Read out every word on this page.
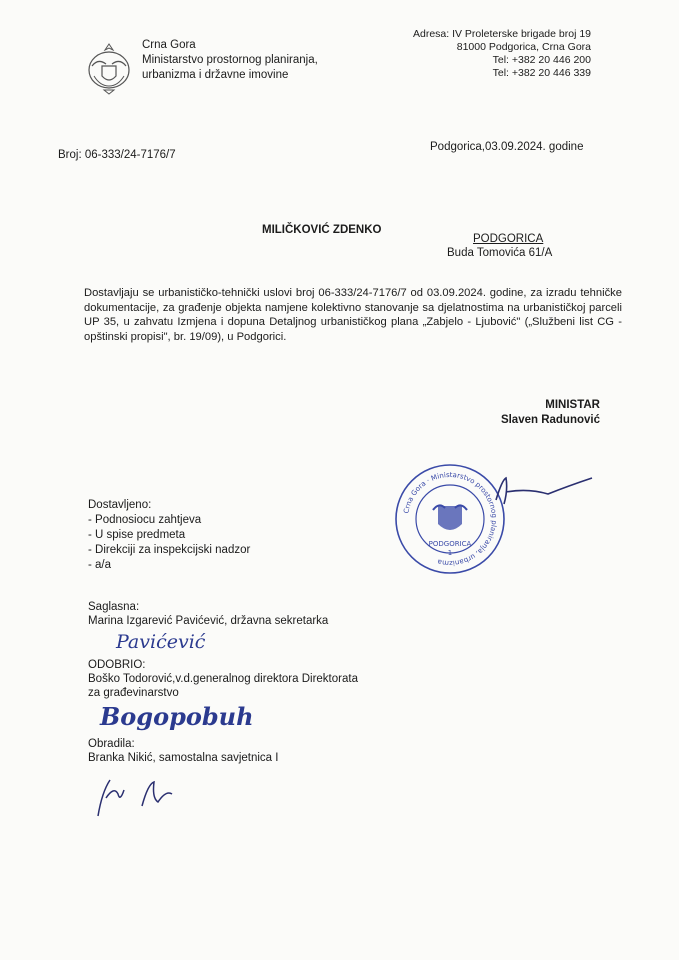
Crna Gora
Ministarstvo prostornog planiranja,
urbanizma i državne imovine
Adresa: IV Proleterske brigade broj 19
81000 Podgorica, Crna Gora
Tel: +382 20 446 200
Tel: +382 20 446 339
Broj: 06-333/24-7176/7
Podgorica,03.09.2024. godine
MILIČKOVIĆ ZDENKO
PODGORICA
Buda Tomovića 61/A
Dostavljaju se urbanističko-tehnički uslovi broj 06-333/24-7176/7 od 03.09.2024. godine, za izradu tehničke dokumentacije, za građenje objekta namjene kolektivno stanovanje sa djelatnostima na urbanističkoj parceli UP 35, u zahvatu Izmjena i dopuna Detaljnog urbanističkog plana „Zabjelo - Ljubović" („Službeni list CG - opštinski propisi", br. 19/09), u Podgorici.
MINISTAR
Slaven Radunović
Crna Gora · Ministarstvo prostornog planiranja, urbanizma
PODGORICA
1
Dostavljeno:
- Podnosiocu zahtjeva
- U spise predmeta
- Direkciji za inspekcijski nadzor
- a/a
Saglasna:
Marina Izgarević Pavićević, državna sekretarka
Pavićević
ODOBRIO:
Boško Todorović,v.d.generalnog direktora Direktorata
za građevinarstvo
Bogopobuh
Obradila:
Branka Nikić, samostalna savjetnica I
